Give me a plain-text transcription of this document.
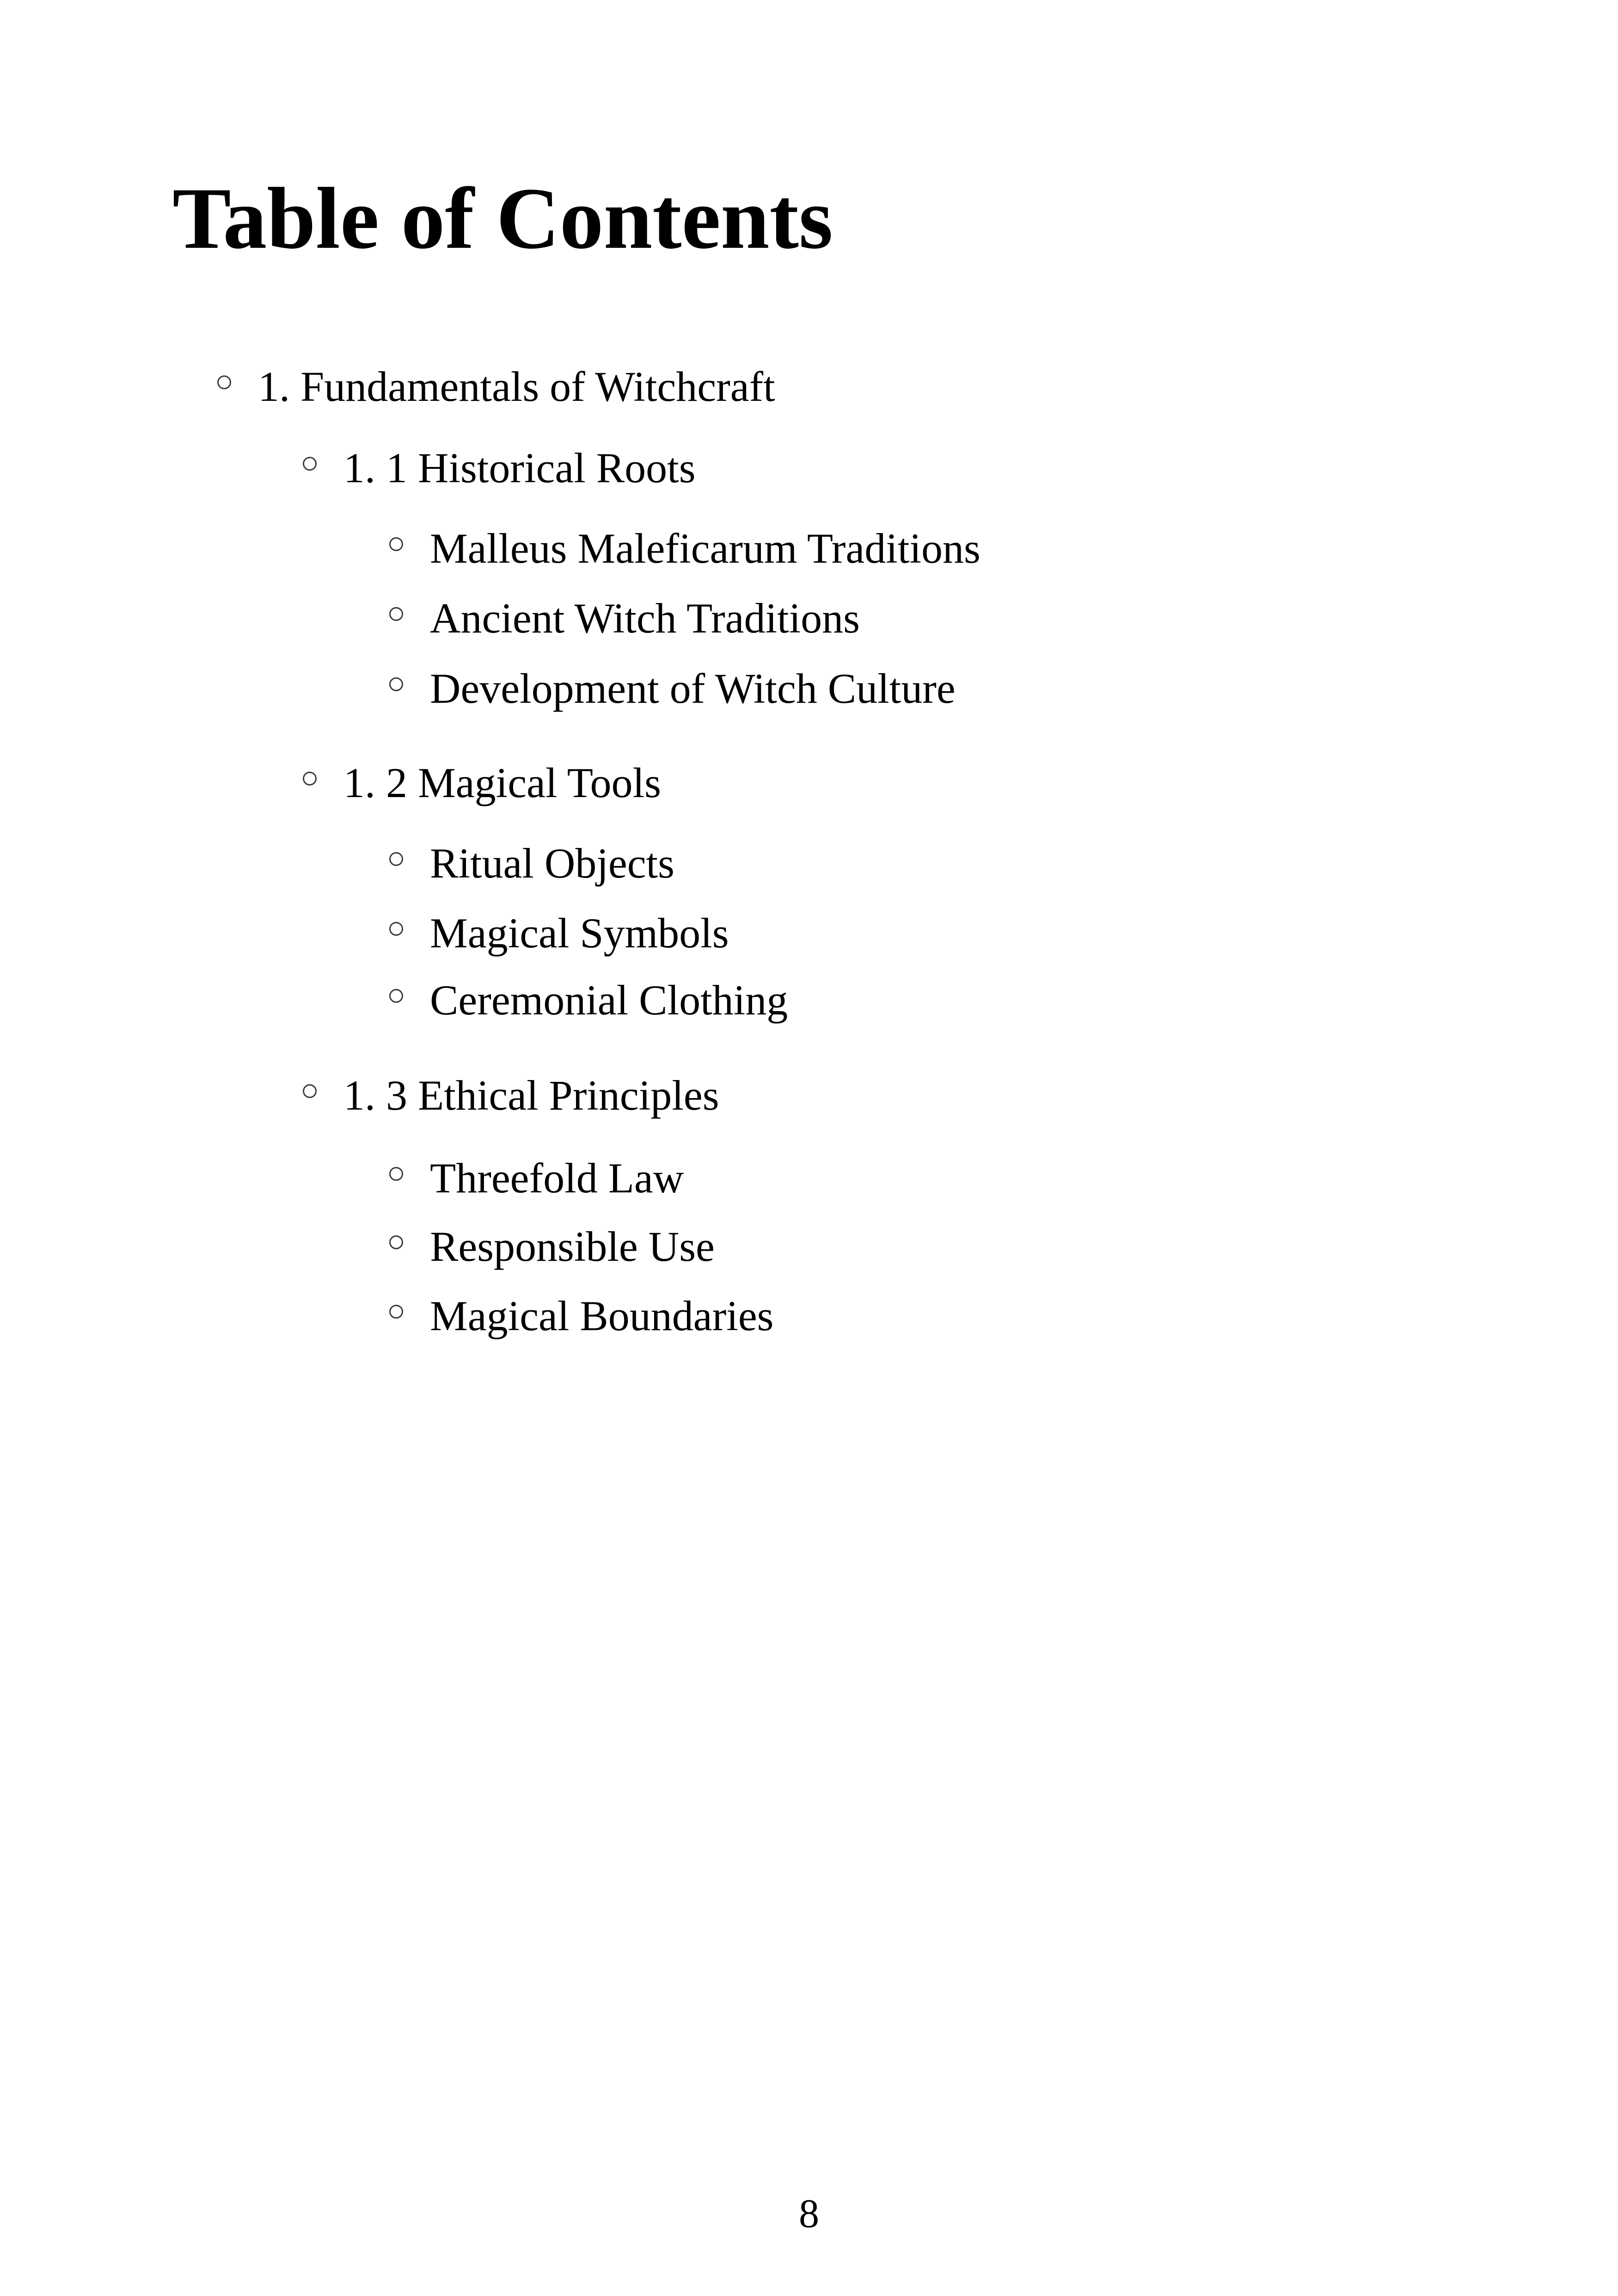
Table of Contents
1. Fundamentals of Witchcraft
1. 1 Historical Roots
Malleus Maleficarum Traditions
Ancient Witch Traditions
Development of Witch Culture
1. 2 Magical Tools
Ritual Objects
Magical Symbols
Ceremonial Clothing
1. 3 Ethical Principles
Threefold Law
Responsible Use
Magical Boundaries
8
